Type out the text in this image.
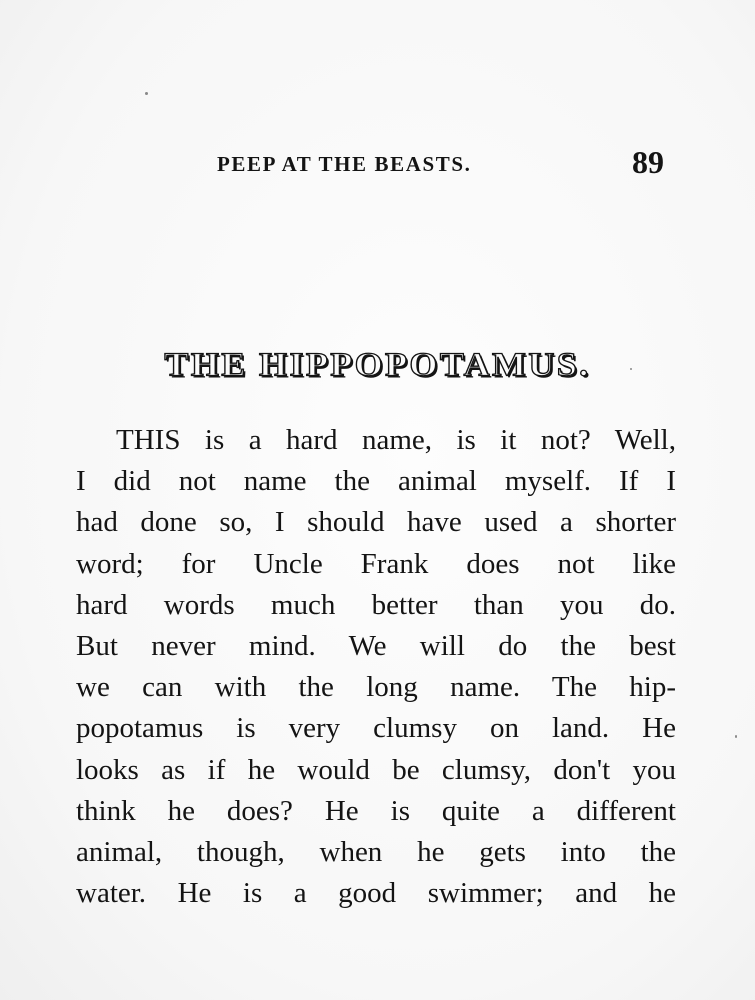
PEEP AT THE BEASTS.	89
THE HIPPOPOTAMUS.
THIS is a hard name, is it not? Well,
I did not name the animal myself. If I
had done so, I should have used a shorter
word; for Uncle Frank does not like
hard words much better than you do.
But never mind. We will do the best
we can with the long name. The hip-
popotamus is very clumsy on land. He
looks as if he would be clumsy, don't you
think he does? He is quite a different
animal, though, when he gets into the
water. He is a good swimmer; and he
